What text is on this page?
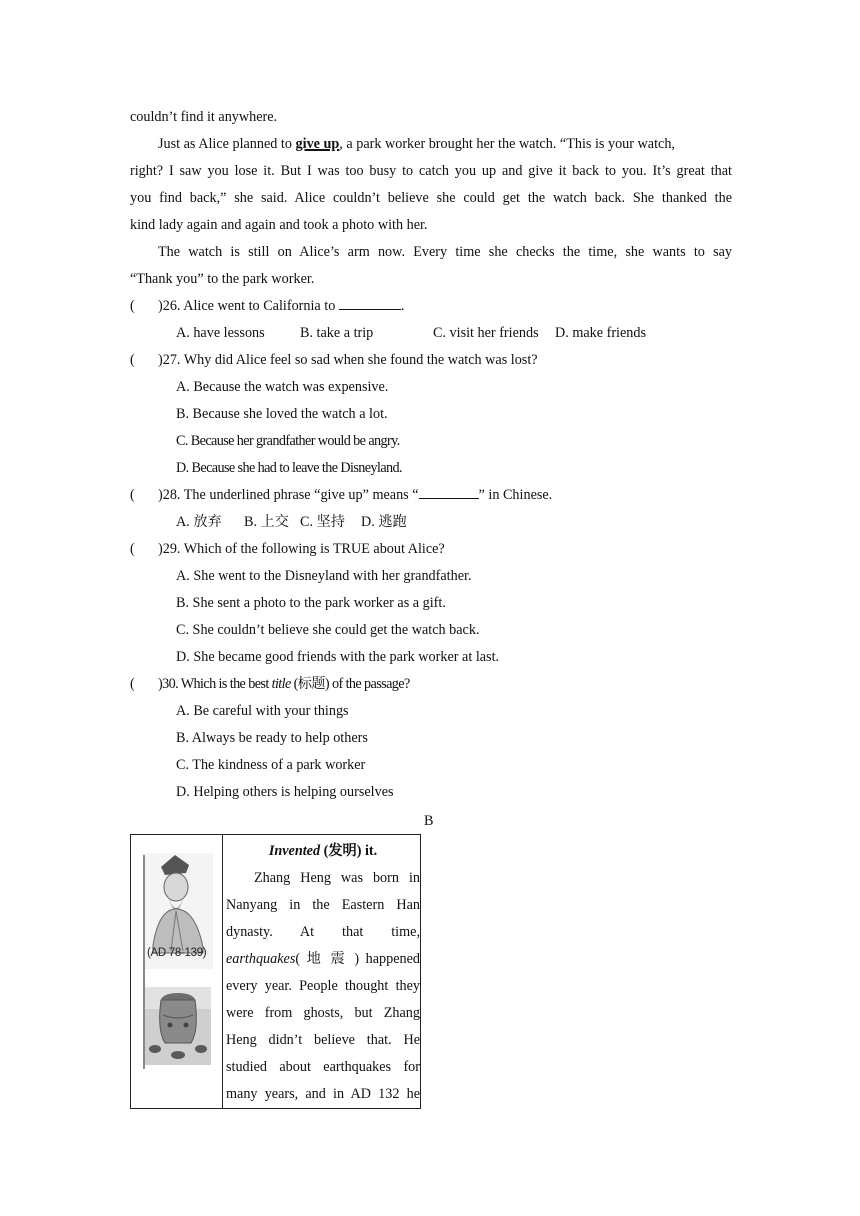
couldn’t find it anywhere.
Just as Alice planned to give up, a park worker brought her the watch. “This is your watch,
right? I saw you lose it. But I was too busy to catch you up and give it back to you. It’s great that
you find back,” she said. Alice couldn’t believe she could get the watch back. She thanked the
kind lady again and again and took a photo with her.
The watch is still on Alice’s arm now. Every time she checks the time, she wants to say
“Thank you” to the park worker.
( )26. Alice went to California to	.
A. have lessons B. take a trip	C. visit her friends D. make friends
( )27. Why did Alice feel so sad when she found the watch was lost?
A. Because the watch was expensive.
B. Because she loved the watch a lot.
C. Because her grandfather would be angry.
D. Because she had to leave the Disneyland.
( )28. The underlined phrase “give up” means “	” in Chinese.
A. 放弃 B. 上交 C. 坚持 D. 逃跑
( )29. Which of the following is TRUE about Alice?
A. She went to the Disneyland with her grandfather.
B. She sent a photo to the park worker as a gift.
C. She couldn’t believe she could get the watch back.
D. She became good friends with the park worker at last.
( )30. Which is the best title (标题) of the passage?
A. Be careful with your things
B. Always be ready to help others
C. The kindness of a park worker
D. Helping others is helping ourselves
B
(AD 78-139)
Invented (发明) it.
Zhang Heng was born in
Nanyang in the Eastern Han
dynasty. At that time,
earthquakes( 地 震 ) happened
every year. People thought they
were from ghosts, but Zhang
Heng didn’t believe that. He
studied about earthquakes for
many years, and in AD 132 he
